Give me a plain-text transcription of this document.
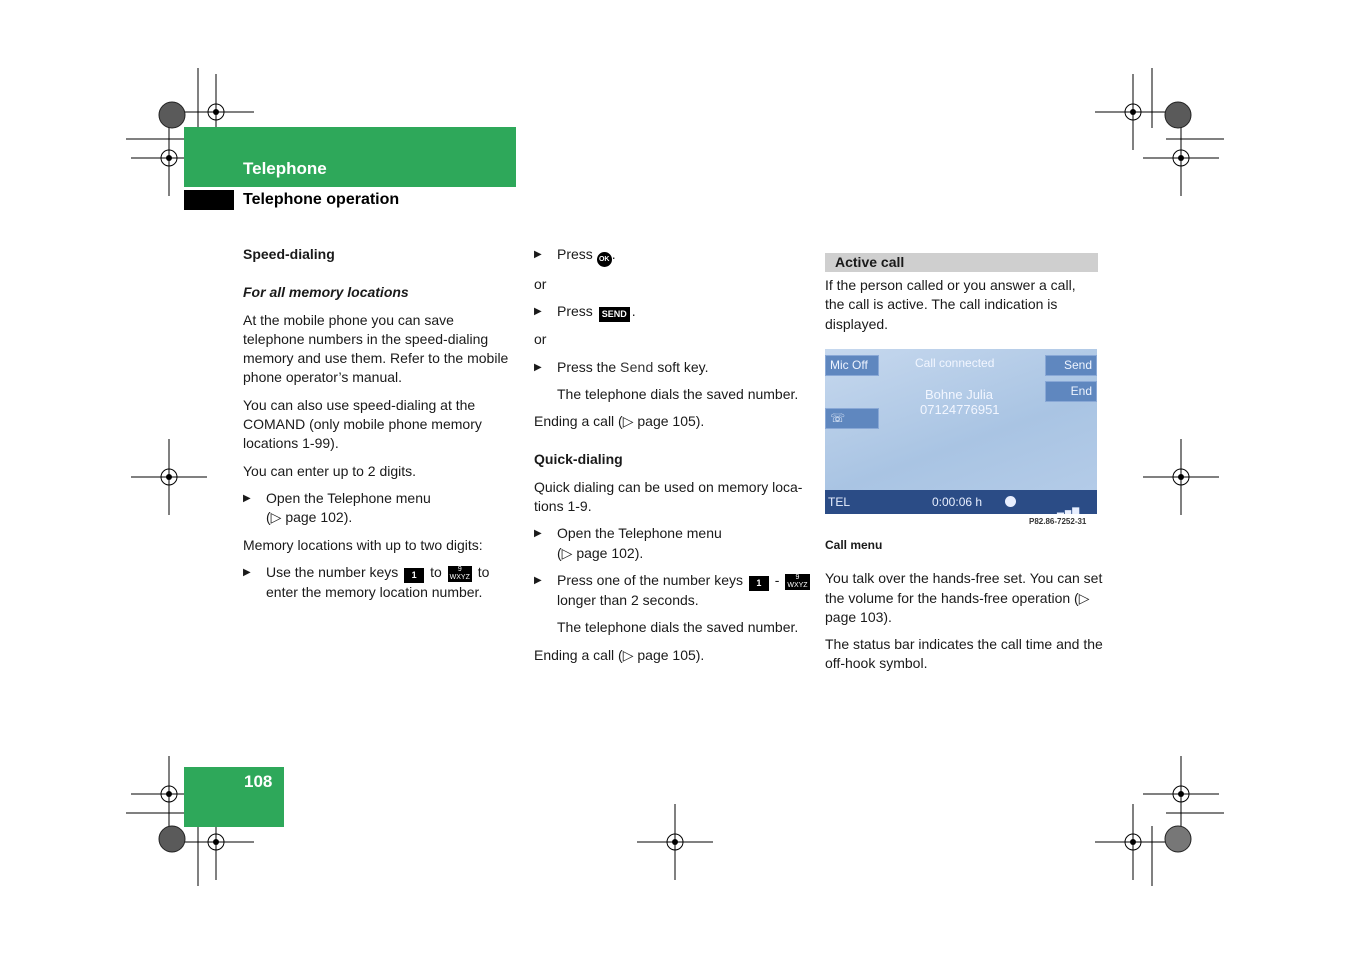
Telephone
Telephone operation

Speed-dialing

For all memory locations

At the mobile phone you can save telephone numbers in the speed-dialing memory and use them. Refer to the mobile phone operator’s manual.

You can also use speed-dialing at the COMAND (only mobile phone memory locations 1-99).

You can enter up to 2 digits.

▶ Open the Telephone menu
(▷ page 102).

Memory locations with up to two digits:

▶ Use the number keys 1 to 9
WXYZ to
enter the memory location number.
▶ Press OK .

or

▶ Press SEND .

or

▶ Press the Send soft key.

The telephone dials the saved number.

Ending a call (▷ page 105).

Quick-dialing

Quick dialing can be used on memory loca-tions 1-9.

▶ Open the Telephone menu
(▷ page 102).
▶ Press one of the number keys 1 - 9
WXYZ
longer than 2 seconds.

The telephone dials the saved number.

Ending a call (▷ page 105).

Active call

If the person called or you answer a call, the call is active. The call indication is displayed.

Mic Off	Call connected	Send
End
Bohne Julia
07124776951
☏
TEL	0:00:06 h
▂▄▆
P82.86-7252-31

Call menu

You talk over the hands-free set. You can set the volume for the hands-free operation (▷ page 103).

The status bar indicates the call time and the off-hook symbol.

108
